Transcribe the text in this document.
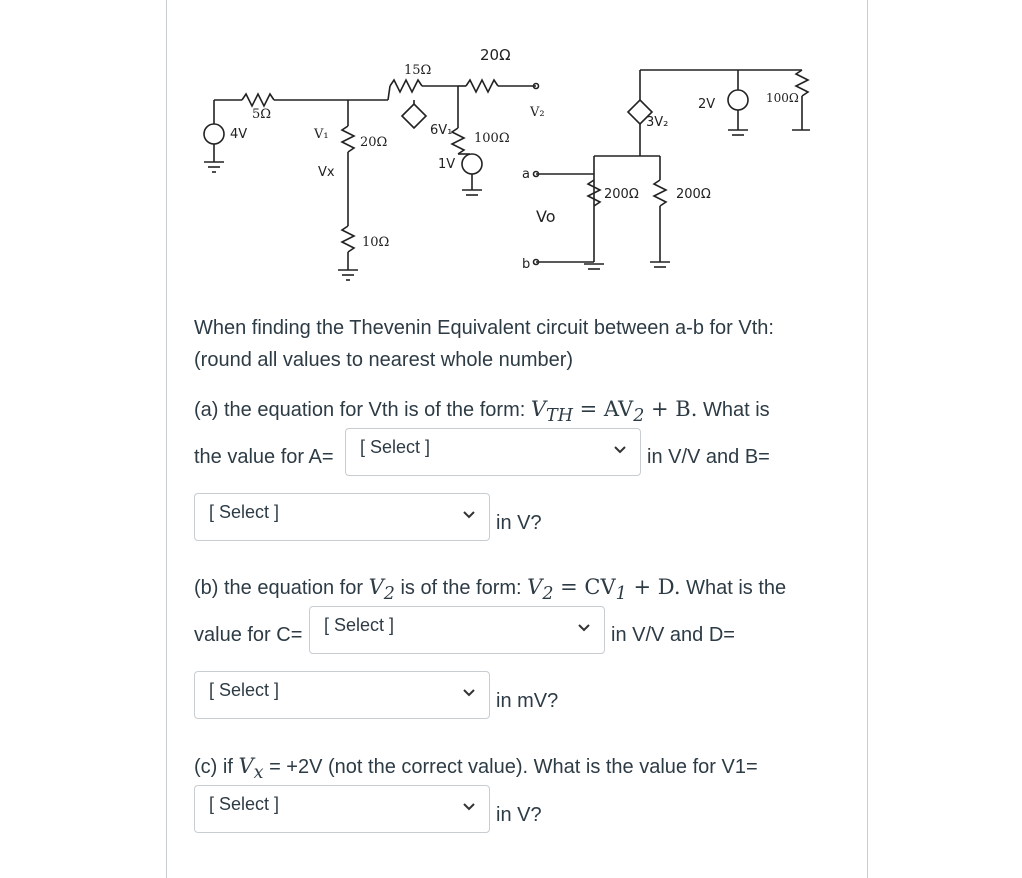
5Ω
4V	V₁
20Ω
Vx
10Ω
15Ω
6V₁
20Ω
100Ω
1V
V₂
a
b
Vo
3V₂
2V	100Ω
200Ω	200Ω
When finding the Thevenin Equivalent circuit between a-b for Vth:
(round all values to nearest whole number)
(a) the equation for Vth is of the form: $V_{TH} = AV_2 + B$. What is
the value for A=	[ Select ]	in V/V and B=
[ Select ]	in V?
(b) the equation for $V_2$ is of the form: $V_2 = CV_1 + D$. What is the
value for C=	[ Select ]	in V/V and D=
[ Select ]	in mV?
(c) if $V_x = +2V$ (not the correct value). What is the value for V1=
[ Select ]	in V?
